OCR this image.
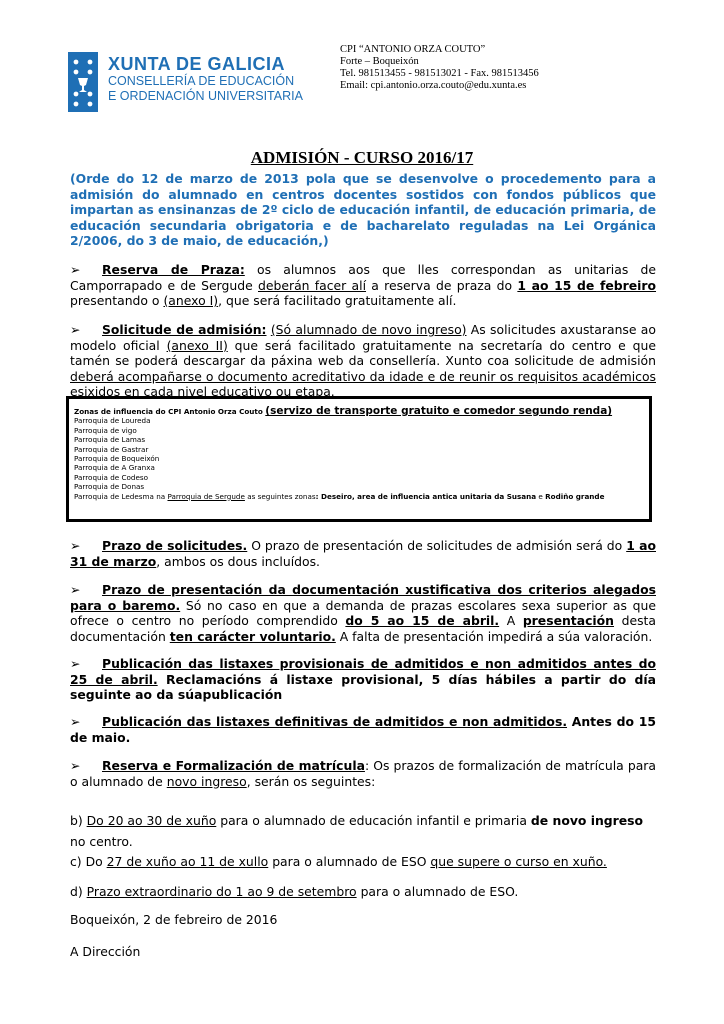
XUNTA DE GALICIA
CONSELLERÍA DE EDUCACIÓN
E ORDENACIÓN UNIVERSITARIA
CPI “ANTONIO ORZA COUTO”
Forte – Boqueixón
Tel. 981513455 - 981513021 - Fax. 981513456
Email: cpi.antonio.orza.couto@edu.xunta.es
ADMISIÓN - CURSO 2016/17
(Orde do 12 de marzo de 2013 pola que se desenvolve o procedemento para a admisión do alumnado en centros docentes sostidos con fondos públicos que impartan as ensinanzas de 2º ciclo de educación infantil, de educación primaria, de educación secundaria obrigatoria e de bacharelato reguladas na Lei Orgánica 2/2006, do 3 de maio, de educación,)
➢ Reserva de Praza: os alumnos aos que lles correspondan as unitarias de Camporrapado e de Sergude deberán facer alí a reserva de praza do 1 ao 15 de febreiro presentando o (anexo I), que será facilitado gratuitamente alí.
➢ Solicitude de admisión: (Só alumnado de novo ingreso) As solicitudes axustaranse ao modelo oficial (anexo II) que será facilitado gratuitamente na secretaría do centro e que tamén se poderá descargar da páxina web da consellería. Xunto coa solicitude de admisión deberá acompañarse o documento acreditativo da idade e de reunir os requisitos académicos esixidos en cada nivel educativo ou etapa.
Zonas de influencia do CPI Antonio Orza Couto (servizo de transporte gratuito e comedor segundo renda)
Parroquia de Loureda
Parroquia de vigo
Parroquia de Lamas
Parroquia de Gastrar
Parroquia de Boqueixón
Parroquia de A Granxa
Parroquia de Codeso
Parroquia de Donas
Parroquia de Ledesma na Parroquia de Sergude as seguintes zonas: Deseiro, area de influencia antica unitaria da Susana e Rodiño grande
➢ Prazo de solicitudes. O prazo de presentación de solicitudes de admisión será do 1 ao 31 de marzo, ambos os dous incluídos.
➢ Prazo de presentación da documentación xustificativa dos criterios alegados para o baremo. Só no caso en que a demanda de prazas escolares sexa superior as que ofrece o centro no período comprendido do 5 ao 15 de abril. A presentación desta documentación ten carácter voluntario. A falta de presentación impedirá a súa valoración.
➢ Publicación das listaxes provisionais de admitidos e non admitidos antes do 25 de abril. Reclamacións á listaxe provisional, 5 días hábiles a partir do día seguinte ao da súapublicación
➢ Publicación das listaxes definitivas de admitidos e non admitidos. Antes do 15 de maio.
➢ Reserva e Formalización de matrícula: Os prazos de formalización de matrícula para o alumnado de novo ingreso, serán os seguintes:
b) Do 20 ao 30 de xuño para o alumnado de educación infantil e primaria de novo ingreso no centro.
c) Do 27 de xuño ao 11 de xullo para o alumnado de ESO que supere o curso en xuño.
d) Prazo extraordinario do 1 ao 9 de setembro para o alumnado de ESO.
Boqueixón, 2 de febreiro de 2016
A Dirección
